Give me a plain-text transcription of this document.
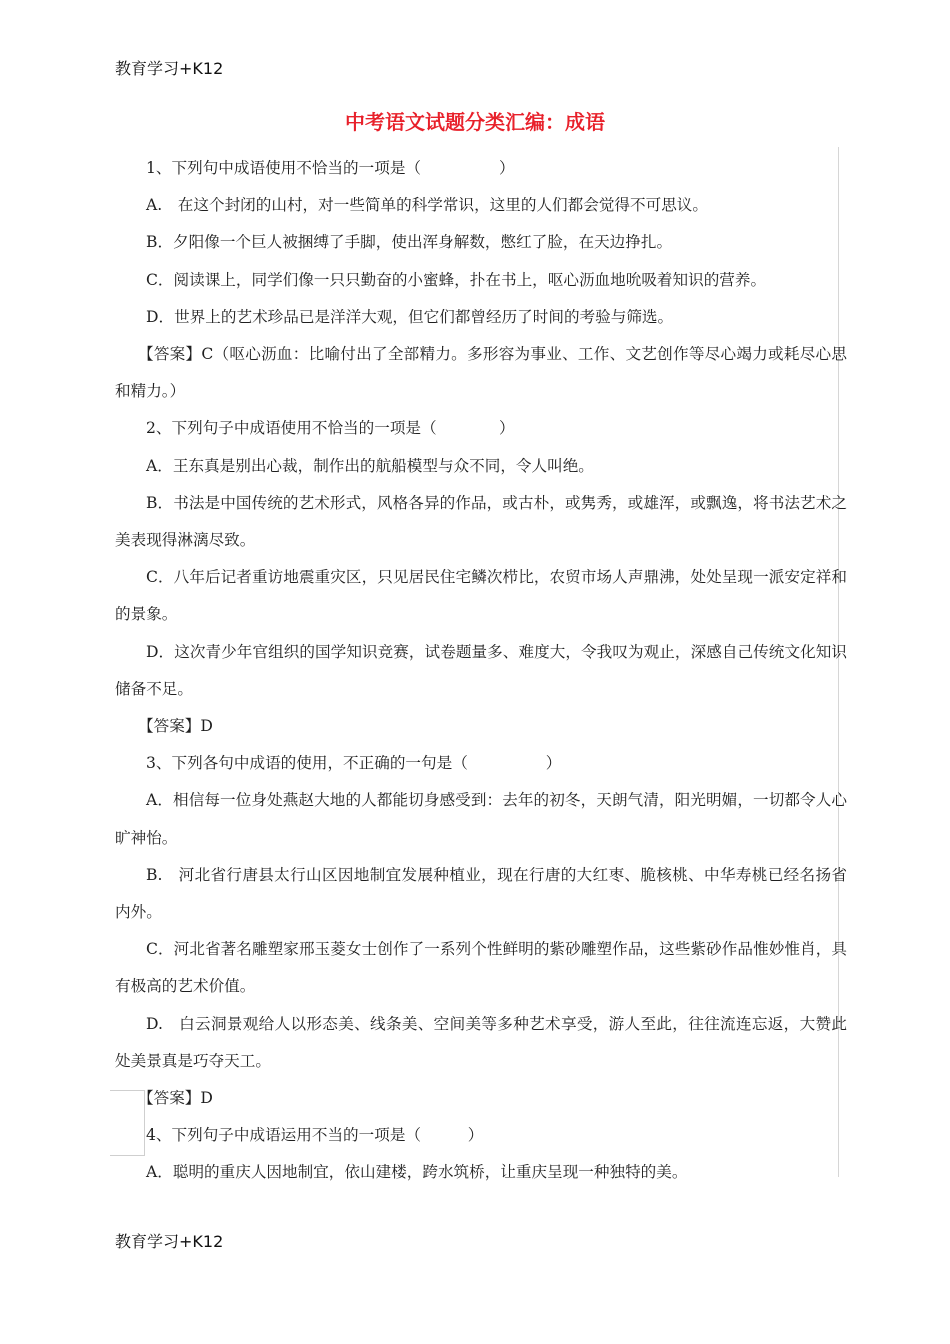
教育学习+K12
中考语文试题分类汇编：成语

1、下列句中成语使用不恰当的一项是（　　　　　）

A.　在这个封闭的山村，对一些简单的科学常识，这里的人们都会觉得不可思议。

B．夕阳像一个巨人被捆缚了手脚，使出浑身解数，憋红了脸，在天边挣扎。

C．阅读课上，同学们像一只只勤奋的小蜜蜂，扑在书上，呕心沥血地吮吸着知识的营养。

D．世界上的艺术珍品已是洋洋大观，但它们都曾经历了时间的考验与筛选。

【答案】C（呕心沥血：比喻付出了全部精力。多形容为事业、工作、文艺创作等尽心竭力或耗尽心思和精力。）

2、下列句子中成语使用不恰当的一项是（　　　　）

A．王东真是别出心裁，制作出的航船模型与众不同，令人叫绝。

B．书法是中国传统的艺术形式，风格各异的作品，或古朴，或隽秀，或雄浑，或飘逸，将书法艺术之美表现得淋漓尽致。

C．八年后记者重访地震重灾区，只见居民住宅鳞次栉比，农贸市场人声鼎沸，处处呈现一派安定祥和的景象。

D．这次青少年官组织的国学知识竞赛，试卷题量多、难度大，令我叹为观止，深感自己传统文化知识储备不足。

【答案】D

3、下列各句中成语的使用，不正确的一句是（　　　　　）

A．相信每一位身处燕赵大地的人都能切身感受到：去年的初冬，天朗气清，阳光明媚，一切都令人心旷神怡。

B.　河北省行唐县太行山区因地制宜发展种植业，现在行唐的大红枣、脆核桃、中华寿桃已经名扬省内外。

C．河北省著名雕塑家邢玉菱女士创作了一系列个性鲜明的紫砂雕塑作品，这些紫砂作品惟妙惟肖，具有极高的艺术价值。

D.　白云洞景观给人以形态美、线条美、空间美等多种艺术享受，游人至此，往往流连忘返，大赞此处美景真是巧夺天工。

【答案】D

4、下列句子中成语运用不当的一项是（　　　）

A．聪明的重庆人因地制宜，依山建楼，跨水筑桥，让重庆呈现一种独特的美。

教育学习+K12
